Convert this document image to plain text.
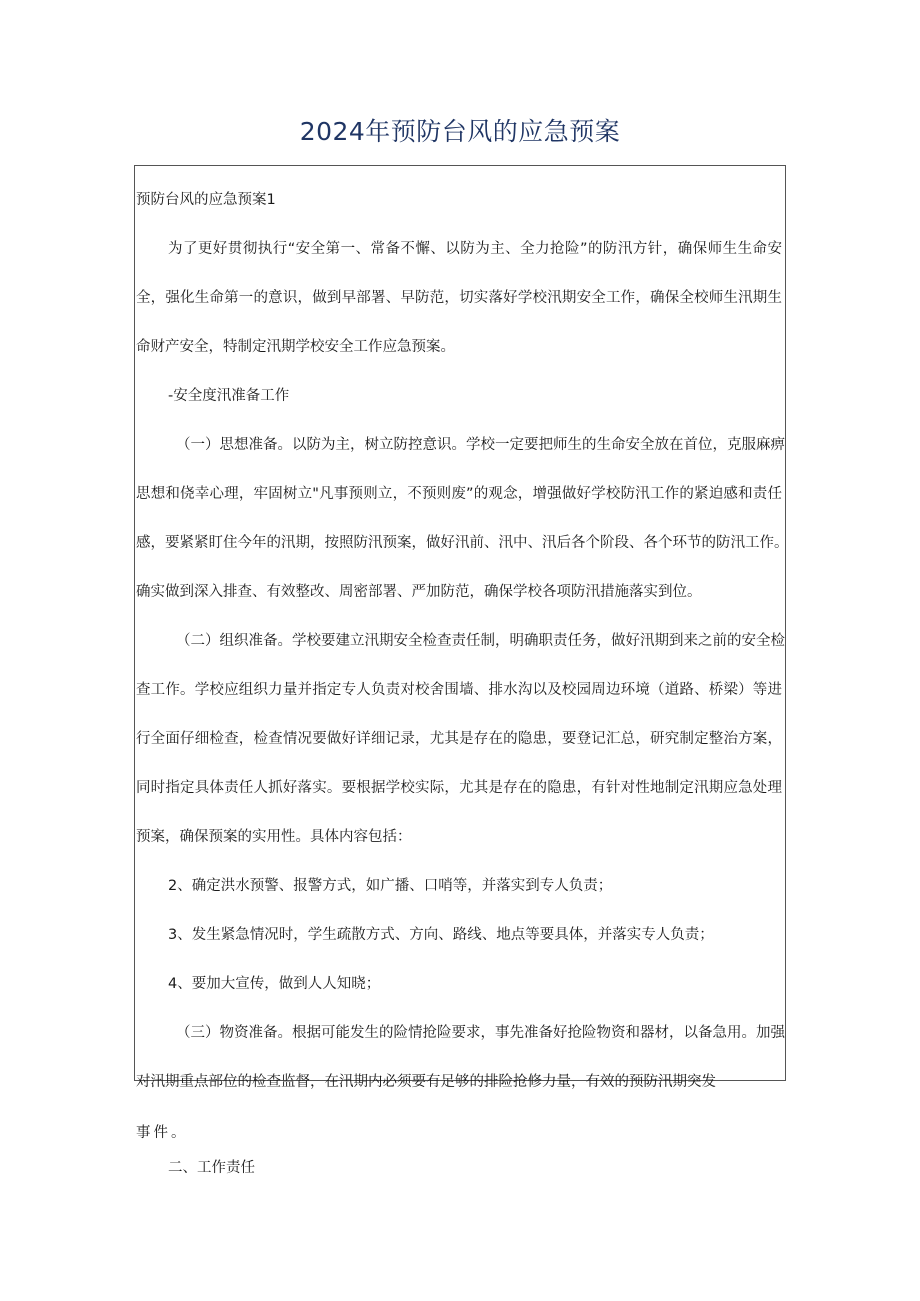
2024年预防台风的应急预案
预防台风的应急预案1
为了更好贯彻执行“安全第一、常备不懈、以防为主、全力抢险”的防汛方针，确保师生生命安
全，强化生命第一的意识，做到早部署、早防范，切实落好学校汛期安全工作，确保全校师生汛期生
命财产安全，特制定汛期学校安全工作应急预案。
-安全度汛准备工作
（一）思想准备。以防为主，树立防控意识。学校一定要把师生的生命安全放在首位，克服麻痹
思想和侥幸心理，牢固树立"凡事预则立，不预则废”的观念，增强做好学校防汛工作的紧迫感和责任
感，要紧紧盯住今年的汛期，按照防汛预案，做好汛前、汛中、汛后各个阶段、各个环节的防汛工作。
确实做到深入排查、有效整改、周密部署、严加防范，确保学校各项防汛措施落实到位。
（二）组织准备。学校要建立汛期安全检查责任制，明确职责任务，做好汛期到来之前的安全检
查工作。学校应组织力量并指定专人负责对校舍围墙、排水沟以及校园周边环境（道路、桥梁）等进
行全面仔细检查，检查情况要做好详细记录，尤其是存在的隐患，要登记汇总，研究制定整治方案，
同时指定具体责任人抓好落实。要根据学校实际，尤其是存在的隐患，有针对性地制定汛期应急处理
预案，确保预案的实用性。具体内容包括：
2、确定洪水预警、报警方式，如广播、口哨等，并落实到专人负责；
3、发生紧急情况时，学生疏散方式、方向、路线、地点等要具体，并落实专人负责；
4、要加大宣传，做到人人知晓；
（三）物资准备。根据可能发生的险情抢险要求，事先准备好抢险物资和器材，以备急用。加强
对汛期重点部位的检查监督，在汛期内必须要有足够的排险抢修力量，有效的预防汛期突发
事件。
二、工作责任
